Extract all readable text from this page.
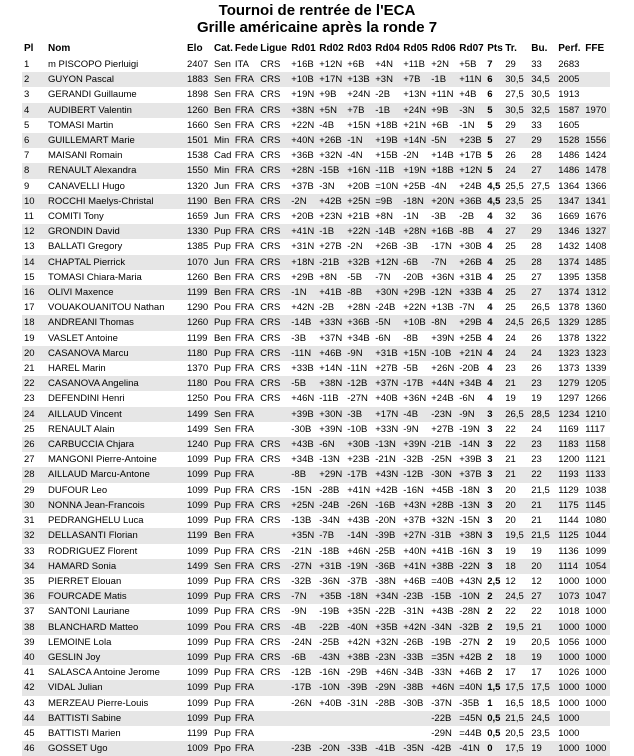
Tournoi de rentrée de l'ECA
Grille américaine après la ronde 7
Pl	Nom	Elo	Cat.	Fede	Ligue	Rd01	Rd02	Rd03	Rd04	Rd05	Rd06	Rd07	Pts	Tr.	Bu.	Perf.	FFE
1	m PISCOPO Pierluigi	2407	Sen	ITA	CRS	+16B	+12N	+6B	+4N	+11B	+2N	+5B	7	29	33	2683	
2	GUYON Pascal	1883	Sen	FRA	CRS	+10B	+17N	+13B	+3N	+7B	-1B	+11N	6	30,5	34,5	2005	
3	GERANDI Guillaume	1898	Sen	FRA	CRS	+19N	+9B	+24N	-2B	+13N	+11N	+4B	6	27,5	30,5	1913	
4	AUDIBERT Valentin	1260	Ben	FRA	CRS	+38N	+5N	+7B	-1B	+24N	+9B	-3N	5	30,5	32,5	1587	1970
5	TOMASI Martin	1660	Sen	FRA	CRS	+22N	-4B	+15N	+18B	+21N	+6B	-1N	5	29	33	1605	
6	GUILLEMART Marie	1501	Min	FRA	CRS	+40N	+26B	-1N	+19B	+14N	-5N	+23B	5	27	29	1528	1556
7	MAISANI Romain	1538	Cad	FRA	CRS	+36B	+32N	-4N	+15B	-2N	+14B	+17B	5	26	28	1486	1424
8	RENAULT Alexandra	1550	Min	FRA	CRS	+28N	-15B	+16N	-11B	+19N	+18B	+12N	5	24	27	1486	1478
9	CANAVELLI Hugo	1320	Jun	FRA	CRS	+37B	-3N	+20B	=10N	+25B	-4N	+24B	4,5	25,5	27,5	1364	1366
10	ROCCHI Maelys-Christal	1190	Ben	FRA	CRS	-2N	+42B	+25N	=9B	-18N	+20N	+36B	4,5	23,5	25	1347	1341
11	COMITI Tony	1659	Jun	FRA	CRS	+20B	+23N	+21B	+8N	-1N	-3B	-2B	4	32	36	1669	1676
12	GRONDIN David	1330	Pup	FRA	CRS	+41N	-1B	+22N	-14B	+28N	+16B	-8B	4	27	29	1346	1327
13	BALLATI Gregory	1385	Pup	FRA	CRS	+31N	+27B	-2N	+26B	-3B	-17N	+30B	4	25	28	1432	1408
14	CHAPTAL Pierrick	1070	Jun	FRA	CRS	+18N	-21B	+32B	+12N	-6B	-7N	+26B	4	25	28	1374	1485
15	TOMASI Chiara-Maria	1260	Ben	FRA	CRS	+29B	+8N	-5B	-7N	-20B	+36N	+31B	4	25	27	1395	1358
16	OLIVI Maxence	1199	Ben	FRA	CRS	-1N	+41B	-8B	+30N	+29B	-12N	+33B	4	25	27	1374	1312
17	VOUAKOUANITOU Nathan	1290	Pou	FRA	CRS	+42N	-2B	+28N	-24B	+22N	+13B	-7N	4	25	26,5	1378	1360
18	ANDREANI Thomas	1260	Pup	FRA	CRS	-14B	+33N	+36B	-5N	+10B	-8N	+29B	4	24,5	26,5	1329	1285
19	VASLET Antoine	1199	Ben	FRA	CRS	-3B	+37N	+34B	-6N	-8B	+39N	+25B	4	24	26	1378	1322
20	CASANOVA Marcu	1180	Pup	FRA	CRS	-11N	+46B	-9N	+31B	+15N	-10B	+21N	4	24	24	1323	1323
21	HAREL Marin	1370	Pup	FRA	CRS	+33B	+14N	-11N	+27B	-5B	+26N	-20B	4	23	26	1373	1339
22	CASANOVA Angelina	1180	Pou	FRA	CRS	-5B	+38N	-12B	+37N	-17B	+44N	+34B	4	21	23	1279	1205
23	DEFENDINI Henri	1250	Pou	FRA	CRS	+46N	-11B	-27N	+40B	+36N	+24B	-6N	4	19	19	1297	1266
24	AILLAUD Vincent	1499	Sen	FRA		+39B	+30N	-3B	+17N	-4B	-23N	-9N	3	26,5	28,5	1234	1210
25	RENAULT Alain	1499	Sen	FRA		-30B	+39N	-10B	+33N	-9N	+27B	-19N	3	22	24	1169	1117
26	CARBUCCIA Chjara	1240	Pup	FRA	CRS	+43B	-6N	+30B	-13N	+39N	-21B	-14N	3	22	23	1183	1158
27	MANGONI Pierre-Antoine	1099	Pup	FRA	CRS	+34B	-13N	+23B	-21N	-32B	-25N	+39B	3	21	23	1200	1121
28	AILLAUD Marcu-Antone	1099	Pup	FRA		-8B	+29N	-17B	+43N	-12B	-30N	+37B	3	21	22	1193	1133
29	DUFOUR Leo	1099	Pup	FRA	CRS	-15N	-28B	+41N	+42B	-16N	+45B	-18N	3	20	21,5	1129	1038
30	NONNA Jean-Francois	1099	Pup	FRA	CRS	+25N	-24B	-26N	-16B	+43N	+28B	-13N	3	20	21	1175	1145
31	PEDRANGHELU Luca	1099	Pup	FRA	CRS	-13B	-34N	+43B	-20N	+37B	+32N	-15N	3	20	21	1144	1080
32	DELLASANTI Florian	1199	Ben	FRA		+35N	-7B	-14N	-39B	+27N	-31B	+38N	3	19,5	21,5	1125	1044
33	RODRIGUEZ Florent	1099	Pup	FRA	CRS	-21N	-18B	+46N	-25B	+40N	+41B	-16N	3	19	19	1136	1099
34	HAMARD Sonia	1499	Sen	FRA	CRS	-27N	+31B	-19N	-36B	+41N	+38B	-22N	3	18	20	1114	1054
35	PIERRET Elouan	1099	Pup	FRA	CRS	-32B	-36N	-37B	-38N	+46B	=40B	+43N	2,5	12	12	1000	1000
36	FOURCADE Matis	1099	Pup	FRA	CRS	-7N	+35B	-18N	+34N	-23B	-15B	-10N	2	24,5	27	1073	1047
37	SANTONI Lauriane	1099	Pup	FRA	CRS	-9N	-19B	+35N	-22B	-31N	+43B	-28N	2	22	22	1018	1000
38	BLANCHARD Matteo	1099	Pou	FRA	CRS	-4B	-22B	-40N	+35B	+42N	-34N	-32B	2	19,5	21	1000	1000
39	LEMOINE Lola	1099	Pup	FRA	CRS	-24N	-25B	+42N	+32N	-26B	-19B	-27N	2	19	20,5	1056	1000
40	GESLIN Joy	1099	Pup	FRA	CRS	-6B	-43N	+38B	-23N	-33B	=35N	+42B	2	18	19	1000	1000
41	SALASCA Antoine Jerome	1099	Pup	FRA	CRS	-12B	-16N	-29B	+46N	-34B	-33N	+46B	2	17	17	1026	1000
42	VIDAL Julian	1099	Pup	FRA		-17B	-10N	-39B	-29N	-38B	+46N	=40N	1,5	17,5	17,5	1000	1000
43	MERZEAU Pierre-Louis	1099	Pup	FRA		-26N	+40B	-31N	-28B	-30B	-37N	-35B	1	16,5	18,5	1000	1000
44	BATTISTI Sabine	1099	Pup	FRA							-22B	=45N	0,5	21,5	24,5	1000	
45	BATTISTI Marien	1199	Pup	FRA							-29N	=44B	0,5	20,5	23,5	1000	
46	GOSSET Ugo	1009	Ppo	FRA		-23B	-20N	-33B	-41B	-35N	-42B	-41N	0	17,5	19	1000	1000
